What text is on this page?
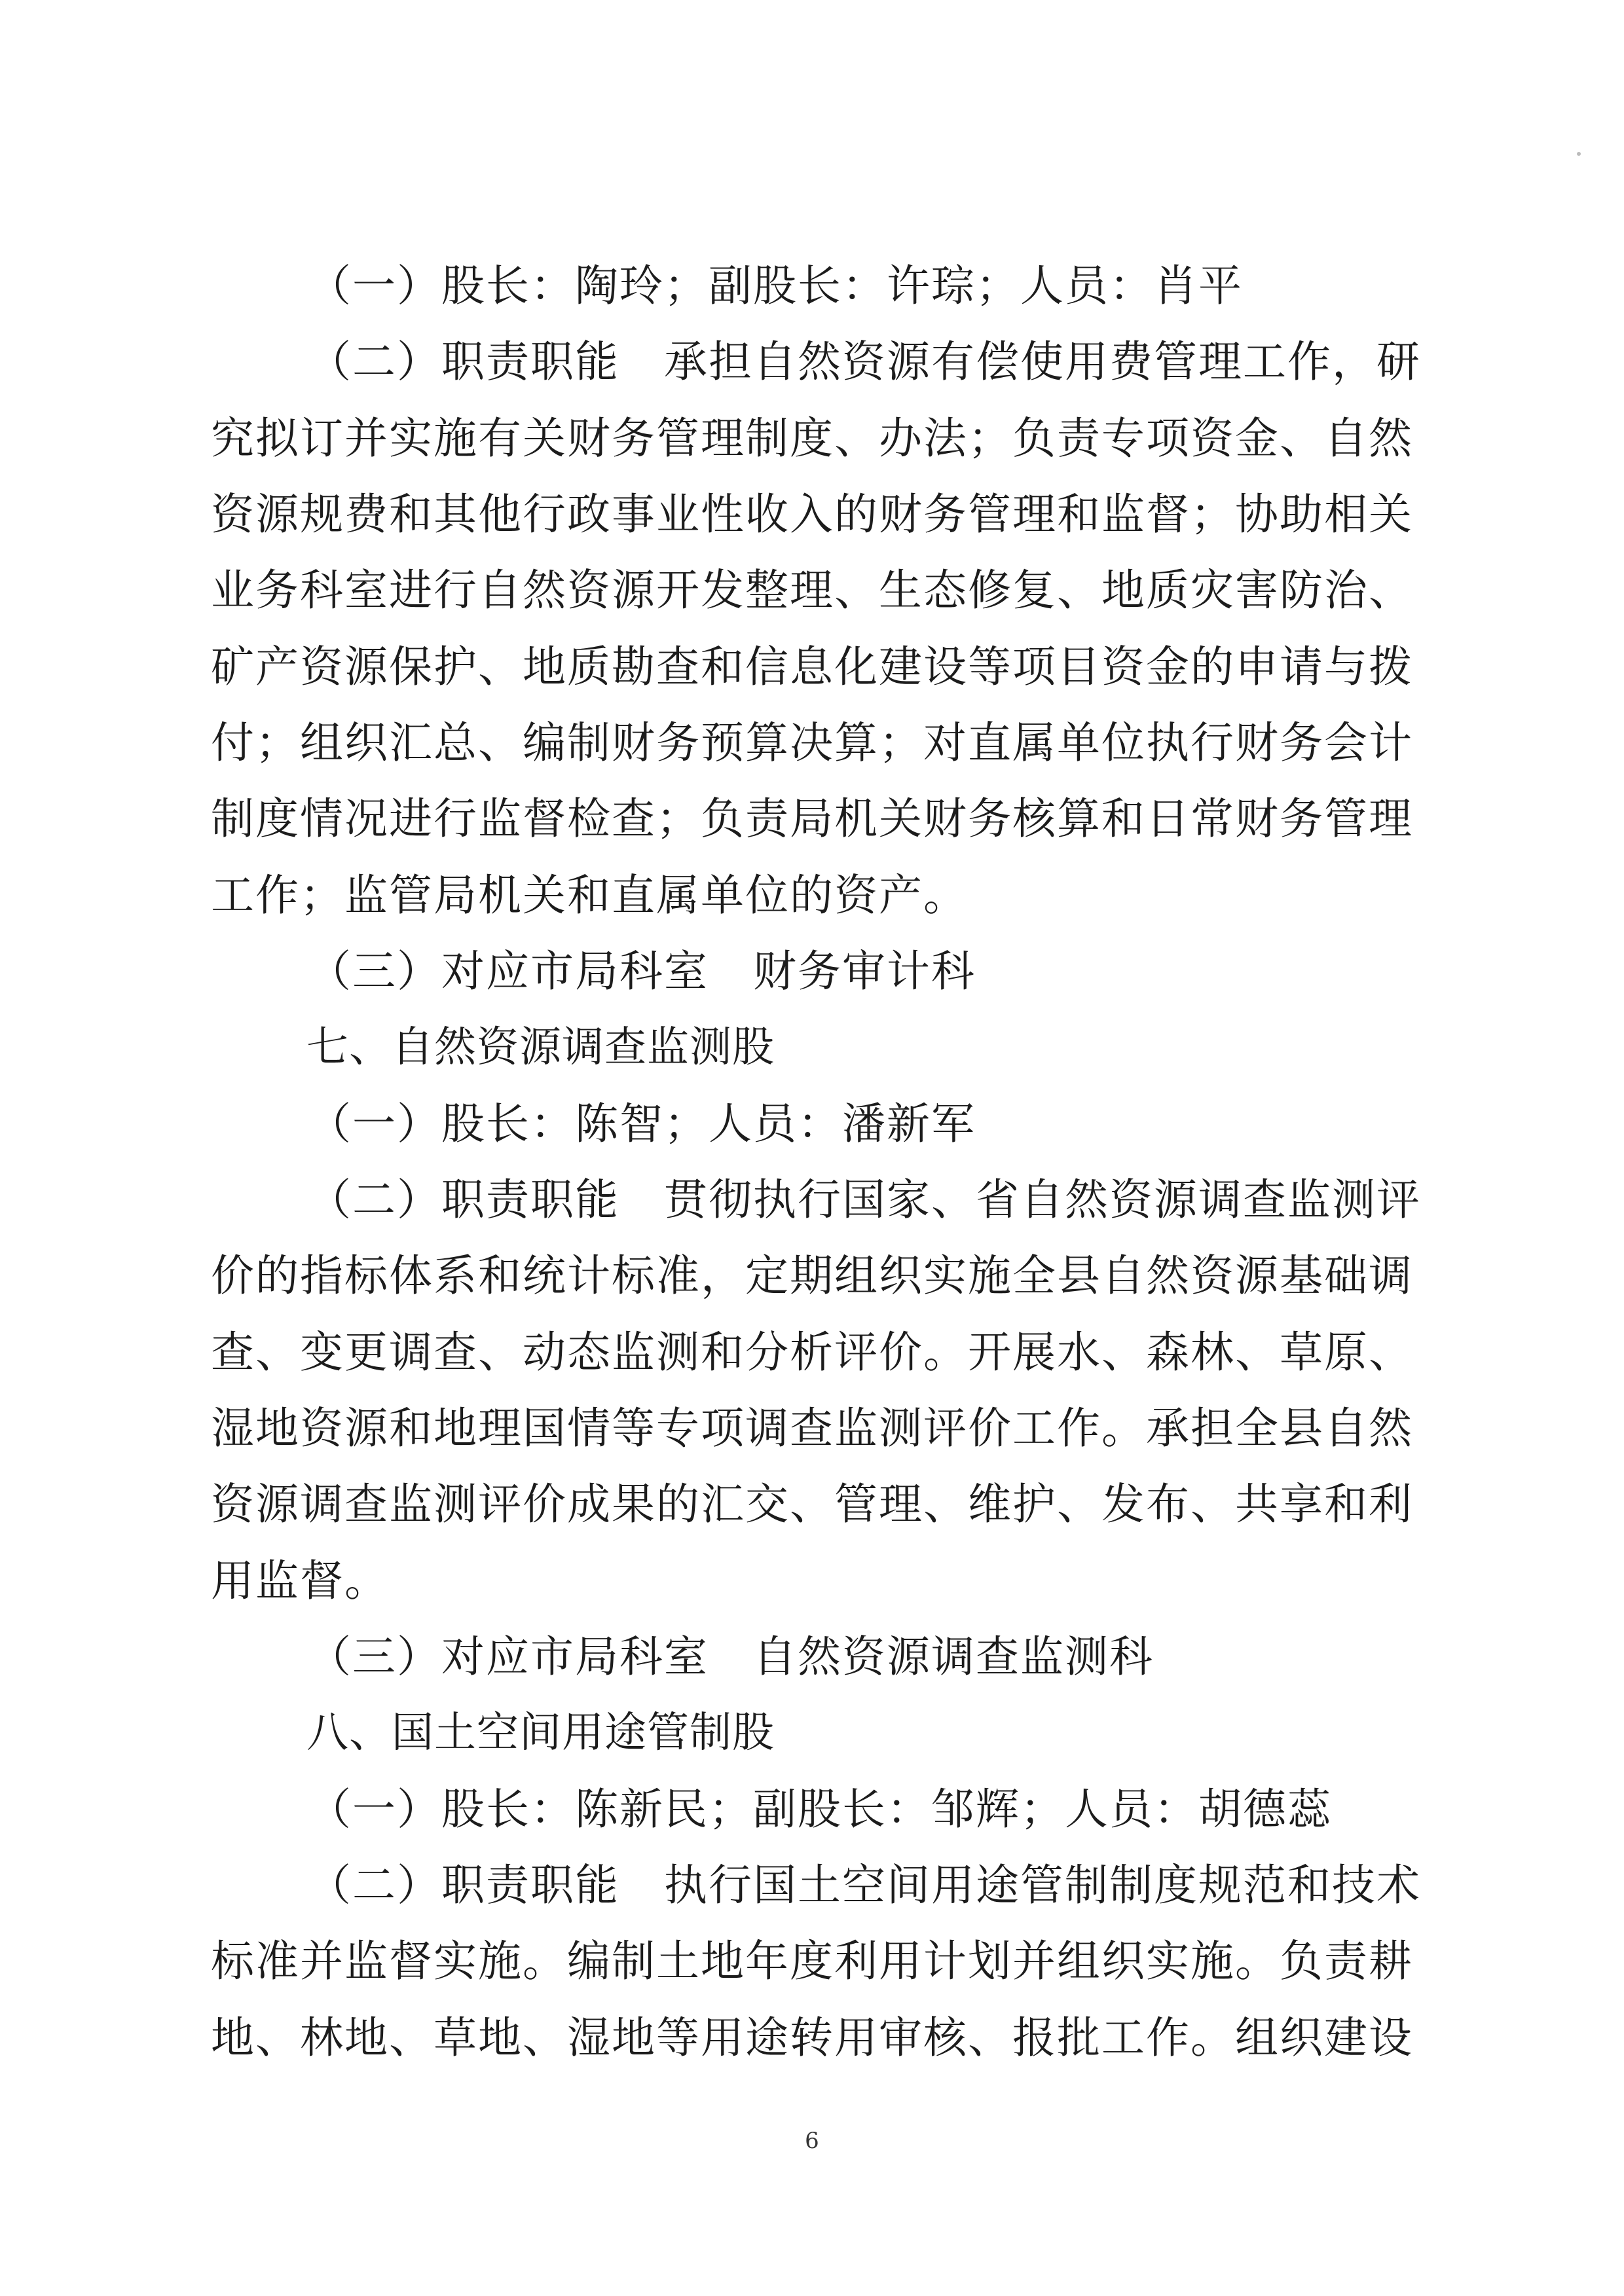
（一）股长：陶玲；副股长：许琮；人员：肖平
（二）职责职能　承担自然资源有偿使用费管理工作，研
究拟订并实施有关财务管理制度、办法；负责专项资金、自然
资源规费和其他行政事业性收入的财务管理和监督；协助相关
业务科室进行自然资源开发整理、生态修复、地质灾害防治、
矿产资源保护、地质勘查和信息化建设等项目资金的申请与拨
付；组织汇总、编制财务预算决算；对直属单位执行财务会计
制度情况进行监督检查；负责局机关财务核算和日常财务管理
工作；监管局机关和直属单位的资产。
（三）对应市局科室　财务审计科
七、自然资源调查监测股
（一）股长：陈智；人员：潘新军
（二）职责职能　贯彻执行国家、省自然资源调查监测评
价的指标体系和统计标准，定期组织实施全县自然资源基础调
查、变更调查、动态监测和分析评价。开展水、森林、草原、
湿地资源和地理国情等专项调查监测评价工作。承担全县自然
资源调查监测评价成果的汇交、管理、维护、发布、共享和利
用监督。
（三）对应市局科室　自然资源调查监测科
八、国土空间用途管制股
（一）股长：陈新民；副股长：邹辉；人员：胡德蕊
（二）职责职能　执行国土空间用途管制制度规范和技术
标准并监督实施。编制土地年度利用计划并组织实施。负责耕
地、林地、草地、湿地等用途转用审核、报批工作。组织建设
6
